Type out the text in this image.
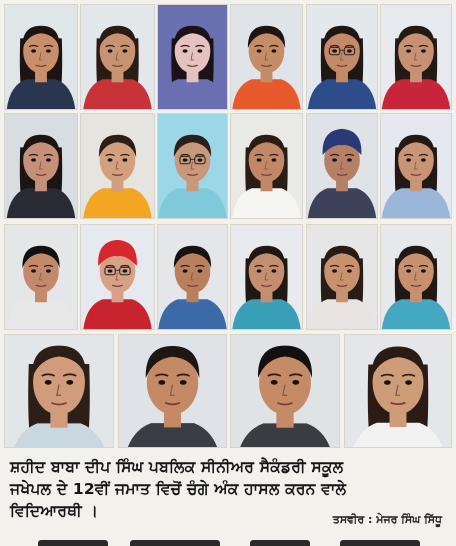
ਸ਼ਹੀਦ ਬਾਬਾ ਦੀਪ ਸਿੰਘ ਪਬਲਿਕ ਸੀਨੀਅਰ ਸੈਕੰਡਰੀ ਸਕੂਲ
ਜਖੇਪਲ ਦੇ 12ਵੀਂ ਜਮਾਤ ਵਿਚੋਂ ਚੰਗੇ ਅੰਕ ਹਾਸਲ ਕਰਨ ਵਾਲੇ
ਵਿਦਿਆਰਥੀ ।	ਤਸਵੀਰ : ਮੇਜਰ ਸਿੰਘ ਸਿੱਧੂ
